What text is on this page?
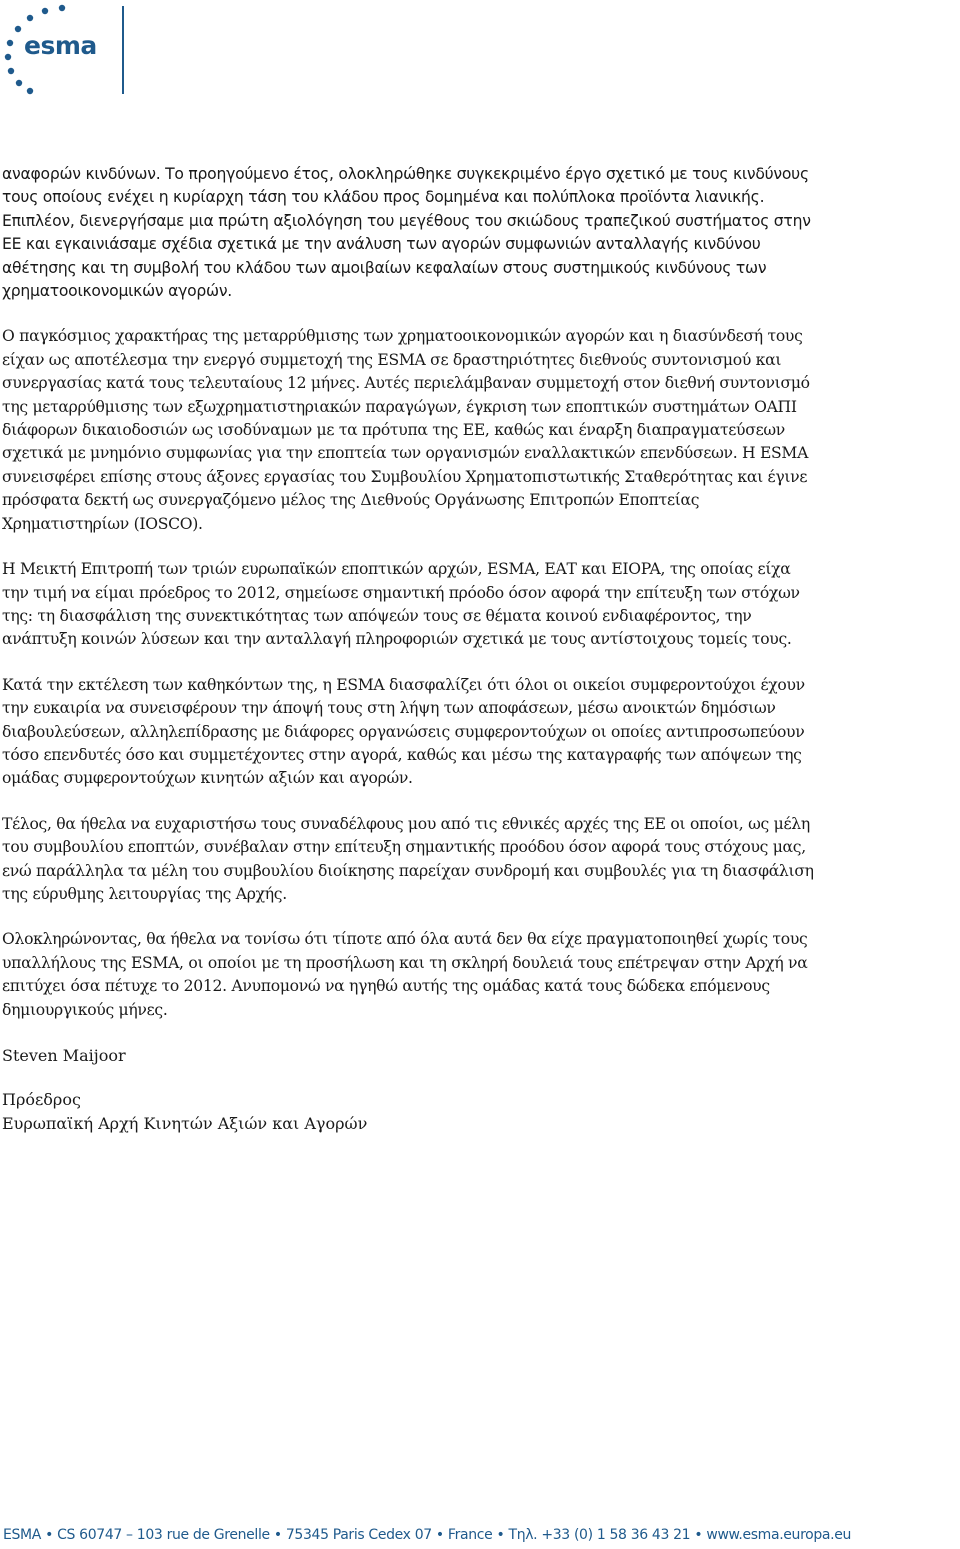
esma

αναφορών κινδύνων. Το προηγούμενο έτος, ολοκληρώθηκε συγκεκριμένο έργο σχετικό με τους κινδύνους
τους οποίους ενέχει η κυρίαρχη τάση του κλάδου προς δομημένα και πολύπλοκα προϊόντα λιανικής.
Επιπλέον, διενεργήσαμε μια πρώτη αξιολόγηση του μεγέθους του σκιώδους τραπεζικού συστήματος στην
ΕΕ και εγκαινιάσαμε σχέδια σχετικά με την ανάλυση των αγορών συμφωνιών ανταλλαγής κινδύνου
αθέτησης και τη συμβολή του κλάδου των αμοιβαίων κεφαλαίων στους συστημικούς κινδύνους των
χρηματοοικονομικών αγορών.

Ο παγκόσμιος χαρακτήρας της μεταρρύθμισης των χρηματοοικονομικών αγορών και η διασύνδεσή τους
είχαν ως αποτέλεσμα την ενεργό συμμετοχή της ESMA σε δραστηριότητες διεθνούς συντονισμού και
συνεργασίας κατά τους τελευταίους 12 μήνες. Αυτές περιελάμβαναν συμμετοχή στον διεθνή συντονισμό
της μεταρρύθμισης των εξωχρηματιστηριακών παραγώγων, έγκριση των εποπτικών συστημάτων ΟΑΠΙ
διάφορων δικαιοδοσιών ως ισοδύναμων με τα πρότυπα της ΕΕ, καθώς και έναρξη διαπραγματεύσεων
σχετικά με μνημόνιο συμφωνίας για την εποπτεία των οργανισμών εναλλακτικών επενδύσεων. Η ESMA
συνεισφέρει επίσης στους άξονες εργασίας του Συμβουλίου Χρηματοπιστωτικής Σταθερότητας και έγινε
πρόσφατα δεκτή ως συνεργαζόμενο μέλος της Διεθνούς Οργάνωσης Επιτροπών Εποπτείας
Χρηματιστηρίων (IOSCO).

Η Μεικτή Επιτροπή των τριών ευρωπαϊκών εποπτικών αρχών, ESMA, ΕΑΤ και EIOPA, της οποίας είχα
την τιμή να είμαι πρόεδρος το 2012, σημείωσε σημαντική πρόοδο όσον αφορά την επίτευξη των στόχων
της: τη διασφάλιση της συνεκτικότητας των απόψεών τους σε θέματα κοινού ενδιαφέροντος, την
ανάπτυξη κοινών λύσεων και την ανταλλαγή πληροφοριών σχετικά με τους αντίστοιχους τομείς τους.

Κατά την εκτέλεση των καθηκόντων της, η ESMA διασφαλίζει ότι όλοι οι οικείοι συμφεροντούχοι έχουν
την ευκαιρία να συνεισφέρουν την άποψή τους στη λήψη των αποφάσεων, μέσω ανοικτών δημόσιων
διαβουλεύσεων, αλληλεπίδρασης με διάφορες οργανώσεις συμφεροντούχων οι οποίες αντιπροσωπεύουν
τόσο επενδυτές όσο και συμμετέχοντες στην αγορά, καθώς και μέσω της καταγραφής των απόψεων της
ομάδας συμφεροντούχων κινητών αξιών και αγορών.

Τέλος, θα ήθελα να ευχαριστήσω τους συναδέλφους μου από τις εθνικές αρχές της ΕΕ οι οποίοι, ως μέλη
του συμβουλίου εποπτών, συνέβαλαν στην επίτευξη σημαντικής προόδου όσον αφορά τους στόχους μας,
ενώ παράλληλα τα μέλη του συμβουλίου διοίκησης παρείχαν συνδρομή και συμβουλές για τη διασφάλιση
της εύρυθμης λειτουργίας της Αρχής.

Ολοκληρώνοντας, θα ήθελα να τονίσω ότι τίποτε από όλα αυτά δεν θα είχε πραγματοποιηθεί χωρίς τους
υπαλλήλους της ESMA, οι οποίοι με τη προσήλωση και τη σκληρή δουλειά τους επέτρεψαν στην Αρχή να
επιτύχει όσα πέτυχε το 2012. Ανυπομονώ να ηγηθώ αυτής της ομάδας κατά τους δώδεκα επόμενους
δημιουργικούς μήνες.

Steven Maijoor

Πρόεδρος

Ευρωπαϊκή Αρχή Κινητών Αξιών και Αγορών

ESMA • CS 60747 – 103 rue de Grenelle • 75345 Paris Cedex 07 • France • Τηλ. +33 (0) 1 58 36 43 21 • www.esma.europa.eu
